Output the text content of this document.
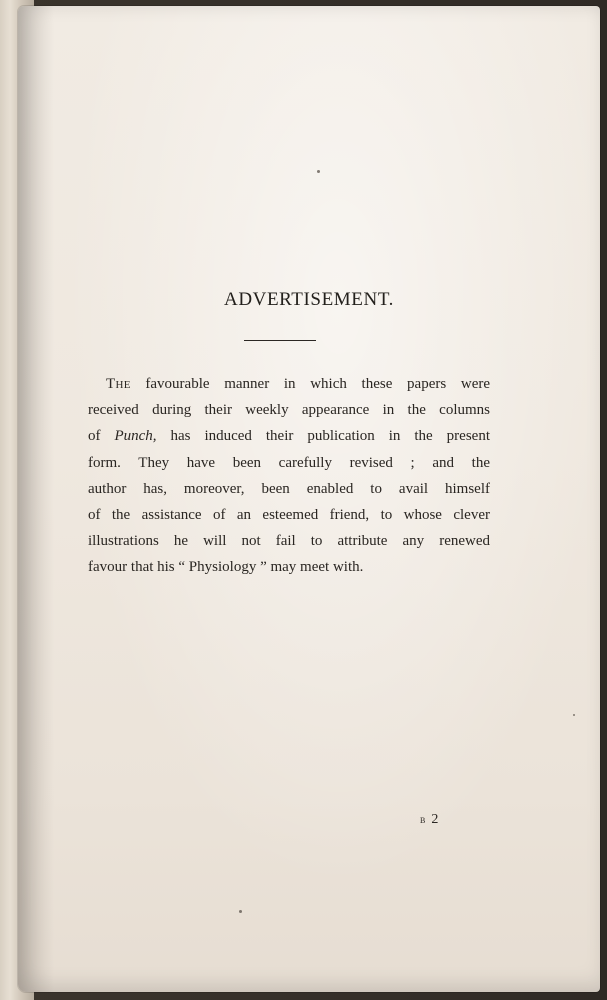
ADVERTISEMENT.
The favourable manner in which these papers were
received during their weekly appearance in the columns
of Punch, has induced their publication in the present
form. They have been carefully revised ; and the
author has, moreover, been enabled to avail himself
of the assistance of an esteemed friend, to whose clever
illustrations he will not fail to attribute any renewed
favour that his “ Physiology ” may meet with.
b 2
